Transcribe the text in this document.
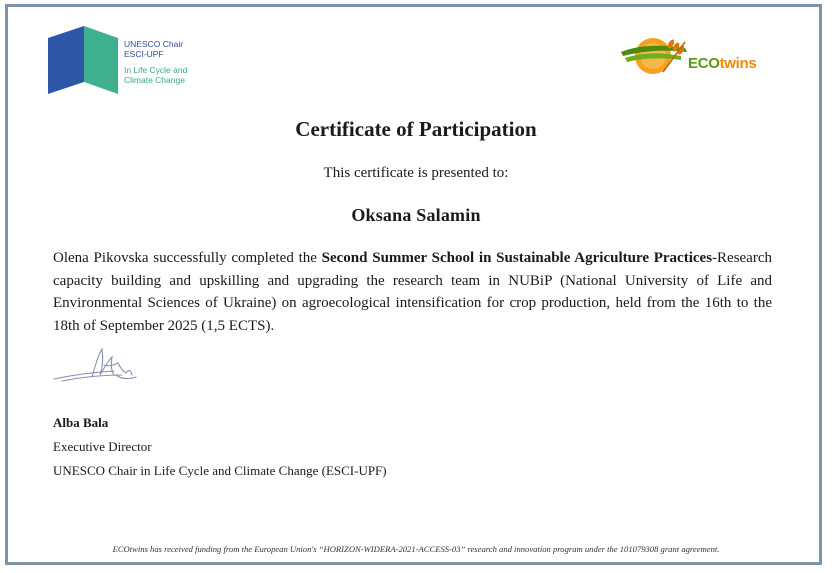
UNESCO Chair
ESCI-UPF
In Life Cycle and
Climate Change
ECOtwins
Certificate of Participation
This certificate is presented to:
Oksana Salamin
Olena Pikovska successfully completed the Second Summer School in Sustainable Agriculture Practices-Research capacity building and upskilling and upgrading the research team in NUBiP (National University of Life and Environmental Sciences of Ukraine) on agroecological intensification for crop production, held from the 16th to the 18th of September 2025 (1,5 ECTS).
Alba Bala
Executive Director
UNESCO Chair in Life Cycle and Climate Change (ESCI-UPF)
ECOtwins has received funding from the European Union's “HORIZON-WIDERA-2021-ACCESS-03” research and innovation program under the 101079308 grant agreement.
